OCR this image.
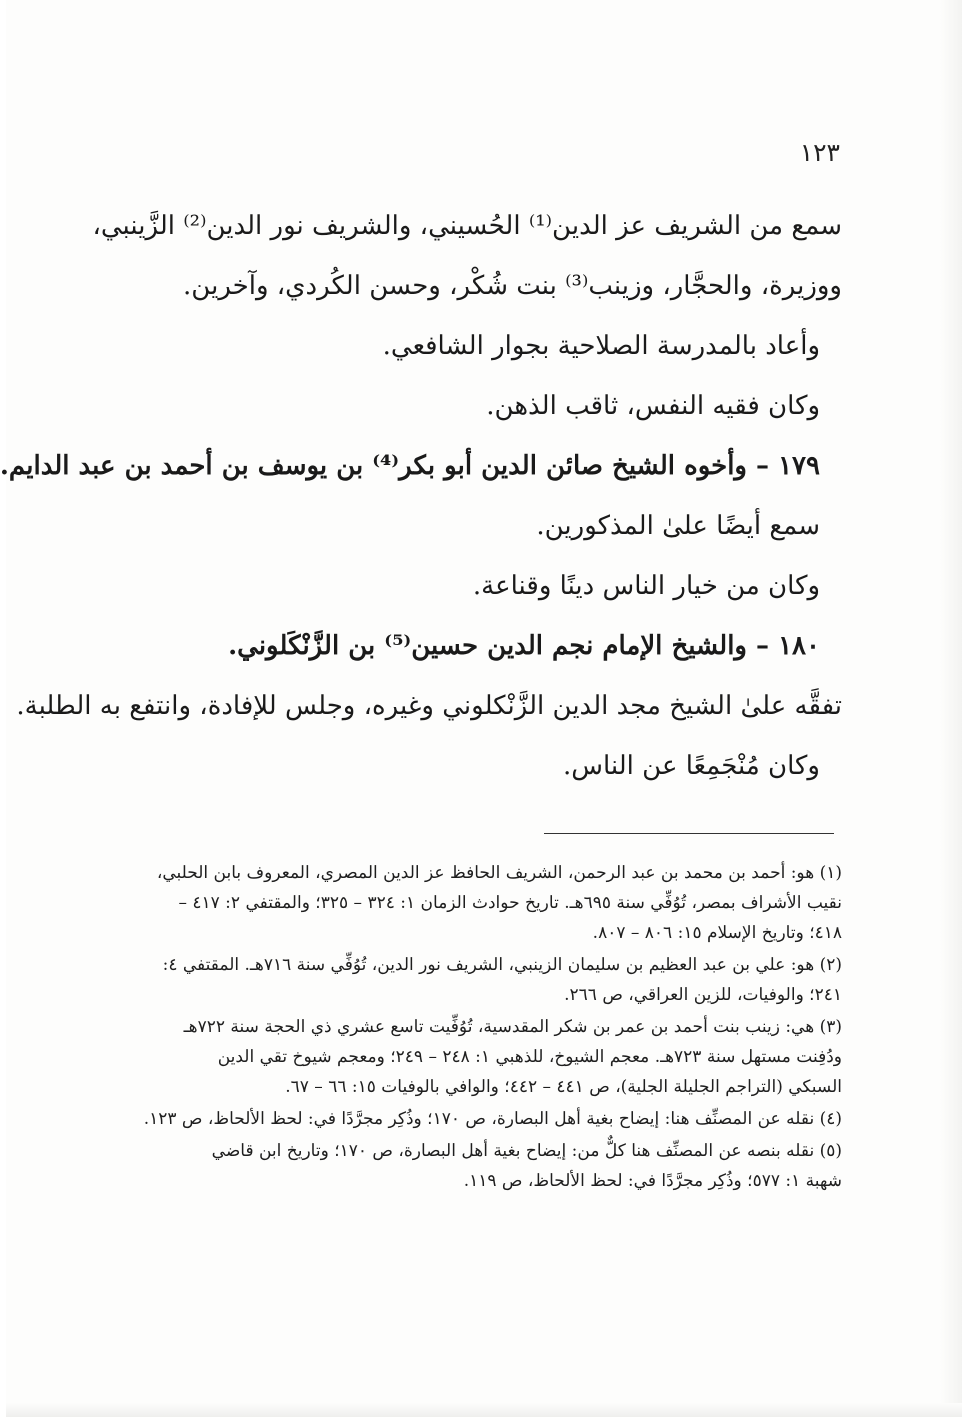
١٢٣

سمع من الشريف عز الدين⁽¹⁾ الحُسيني، والشريف نور الدين⁽²⁾ الزَّينبي،

ووزيرة، والحجَّار، وزينب⁽³⁾ بنت شُكْر، وحسن الكُردي، وآخرين.

وأعاد بالمدرسة الصلاحية بجوار الشافعي.

وكان فقيه النفس، ثاقب الذهن.

١٧٩ – وأخوه الشيخ صائن الدين أبو بكر⁽⁴⁾ بن يوسف بن أحمد بن عبد الدايم.

سمع أيضًا علىٰ المذكورين.

وكان من خيار الناس دينًا وقناعة.

١٨٠ – والشيخ الإمام نجم الدين حسين⁽⁵⁾ بن الزَّنْكَلوني.

تفقَّه علىٰ الشيخ مجد الدين الزَّنْكلوني وغيره، وجلس للإفادة، وانتفع به الطلبة.

وكان مُنْجَمِعًا عن الناس.

(١) هو: أحمد بن محمد بن عبد الرحمن، الشريف الحافظ عز الدين المصري، المعروف بابن الحلبي،
نقيب الأشراف بمصر، تُوُفِّي سنة ٦٩٥هـ. تاريخ حوادث الزمان ١: ٣٢٤ – ٣٢٥؛ والمقتفي ٢: ٤١٧ –
٤١٨؛ وتاريخ الإسلام ١٥: ٨٠٦ – ٨٠٧.
(٢) هو: علي بن عبد العظيم بن سليمان الزينبي، الشريف نور الدين، تُوُفِّي سنة ٧١٦هـ. المقتفي ٤:
٢٤١؛ والوفيات، للزين العراقي، ص ٢٦٦.
(٣) هي: زينب بنت أحمد بن عمر بن شكر المقدسية، تُوُفِّيت تاسع عشري ذي الحجة سنة ٧٢٢هـ
ودُفِنت مستهل سنة ٧٢٣هـ. معجم الشيوخ، للذهبي ١: ٢٤٨ – ٢٤٩؛ ومعجم شيوخ تقي الدين
السبكي (التراجم الجليلة الجلية)، ص ٤٤١ – ٤٤٢؛ والوافي بالوفيات ١٥: ٦٦ – ٦٧.
(٤) نقله عن المصنِّف هنا: إيضاح بغية أهل البصارة، ص ١٧٠؛ وذُكِر مجرَّدًا في: لحظ الألحاظ، ص ١٢٣.
(٥) نقله بنصه عن المصنِّف هنا كلٌّ من: إيضاح بغية أهل البصارة، ص ١٧٠؛ وتاريخ ابن قاضي
شهبة ١: ٥٧٧؛ وذُكِر مجرَّدًا في: لحظ الألحاظ، ص ١١٩.
